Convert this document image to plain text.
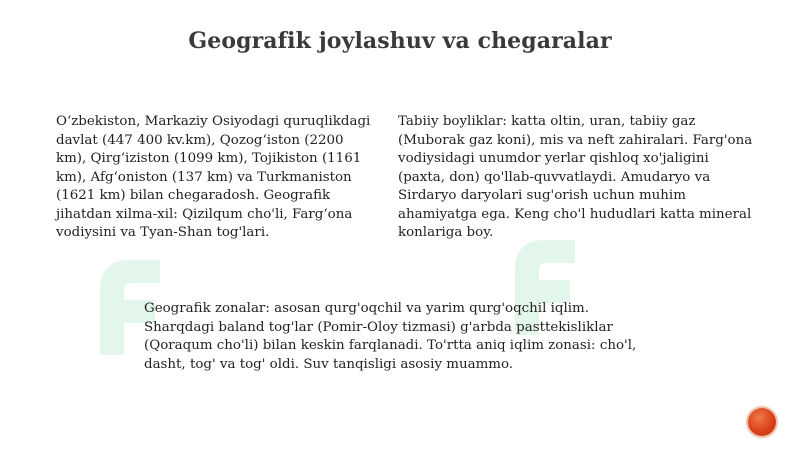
Geografik joylashuv va chegaralar
O‘zbekiston, Markaziy Osiyodagi quruqlikdagi davlat (447 400 kv.km), Qozog‘iston (2200 km), Qirg‘iziston (1099 km), Tojikiston (1161 km), Afg‘oniston (137 km) va Turkmaniston (1621 km) bilan chegaradosh. Geografik jihatdan xilma-xil: Qizilqum cho'li, Farg‘ona vodiysini va Tyan-Shan tog'lari.
Tabiiy boyliklar: katta oltin, uran, tabiiy gaz (Muborak gaz koni), mis va neft zahiralari. Farg'ona vodiysidagi unumdor yerlar qishloq xo'jaligini (paxta, don) qo'llab-quvvatlaydi. Amudaryo va Sirdaryo daryolari sug'orish uchun muhim ahamiyatga ega. Keng cho'l hududlari katta mineral konlariga boy.
Geografik zonalar: asosan qurg'oqchil va yarim qurg'oqchil iqlim. Sharqdagi baland tog'lar (Pomir-Oloy tizmasi) g'arbda pasttekisliklar (Qoraqum cho'li) bilan keskin farqlanadi. To'rtta aniq iqlim zonasi: cho'l, dasht, tog' va tog' oldi. Suv tanqisligi asosiy muammo.
